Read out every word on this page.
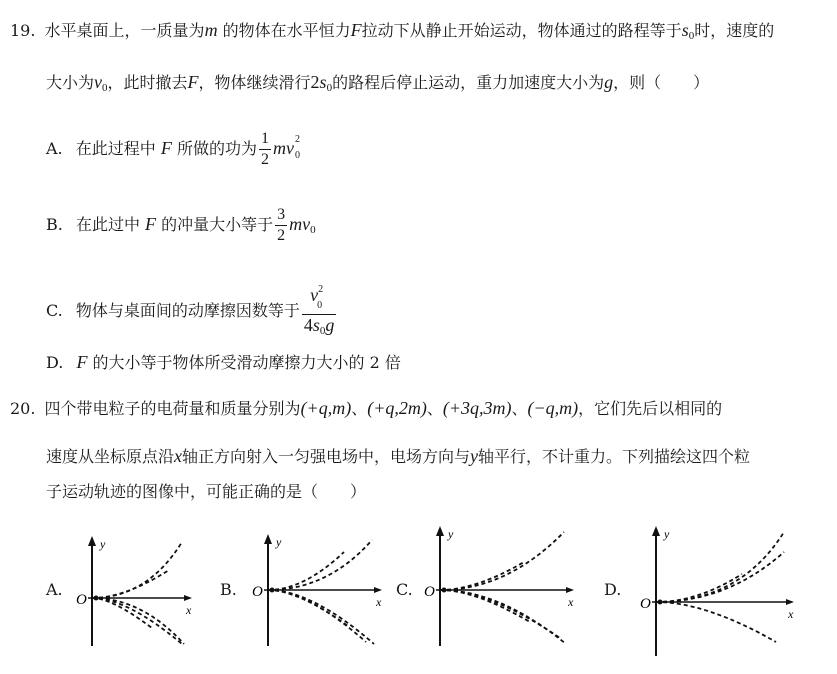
19. 水平桌面上，一质量为m 的物体在水平恒力F拉动下从静止开始运动，物体通过的路程等于$s_0$时，速度的
大小为$v_0$，此时撤去F，物体继续滑行$2s_0$的路程后停止运动，重力加速度大小为g，则（　　）
A. 在此过程中 F 所做的功为 $\frac{1}{2}$ mv 2
0
B. 在此过中 F 的冲量大小等于 $\frac{3}{2} mv_0$
C. 物体与桌面间的动摩擦因数等于 $\frac{v^2_0}{4s_0g}$
D. F 的大小等于物体所受滑动摩擦力大小的 2 倍
20. 四个带电粒子的电荷量和质量分别为(+q,m)、(+q,2m)、(+3q,3m)、(−q,m)，它们先后以相同的
速度从坐标原点沿x轴正方向射入一匀强电场中，电场方向与y轴平行，不计重力。下列描绘这四个粒
子运动轨迹的图像中，可能正确的是（　　）
A.	B.	C.	D.
y
x
O
y
x
O
y
x
O
y
x
O
